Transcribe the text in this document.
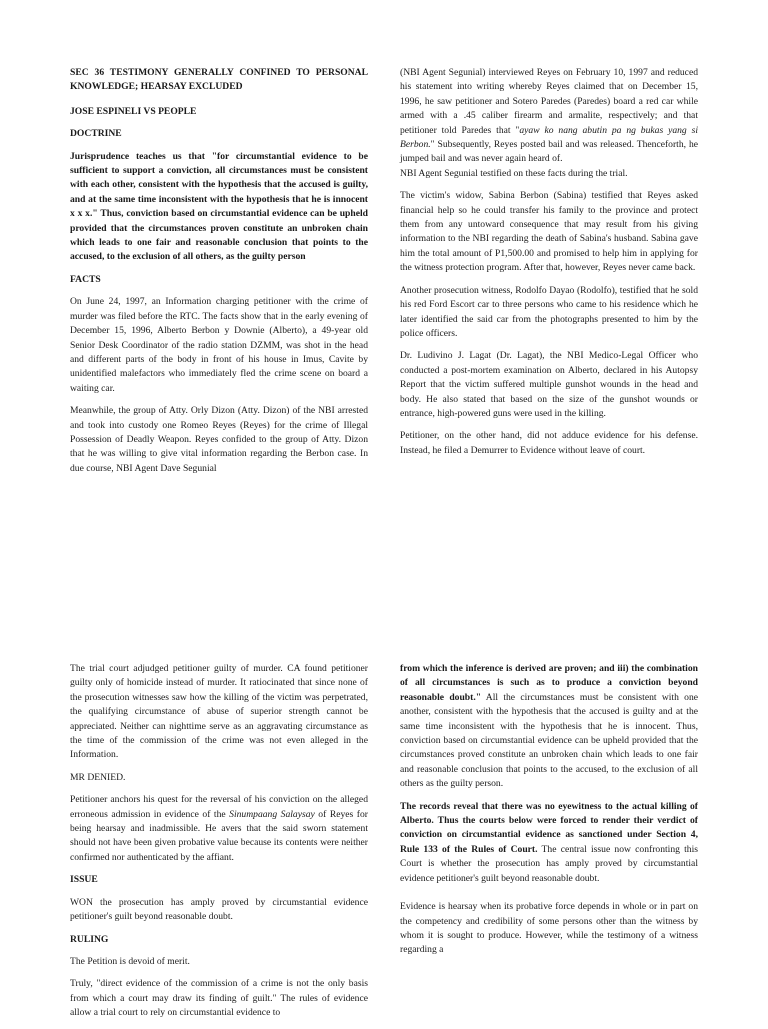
SEC 36 TESTIMONY GENERALLY CONFINED TO PERSONAL KNOWLEDGE; HEARSAY EXCLUDED

JOSE ESPINELI VS PEOPLE

DOCTRINE

Jurisprudence teaches us that "for circumstantial evidence to be sufficient to support a conviction, all circumstances must be consistent with each other, consistent with the hypothesis that the accused is guilty, and at the same time inconsistent with the hypothesis that he is innocent x x x." Thus, conviction based on circumstantial evidence can be upheld provided that the circumstances proven constitute an unbroken chain which leads to one fair and reasonable conclusion that points to the accused, to the exclusion of all others, as the guilty person

FACTS

On June 24, 1997, an Information charging petitioner with the crime of murder was filed before the RTC. The facts show that in the early evening of December 15, 1996, Alberto Berbon y Downie (Alberto), a 49-year old Senior Desk Coordinator of the radio station DZMM, was shot in the head and different parts of the body in front of his house in Imus, Cavite by unidentified malefactors who immediately fled the crime scene on board a waiting car.

Meanwhile, the group of Atty. Orly Dizon (Atty. Dizon) of the NBI arrested and took into custody one Romeo Reyes (Reyes) for the crime of Illegal Possession of Deadly Weapon. Reyes confided to the group of Atty. Dizon that he was willing to give vital information regarding the Berbon case. In due course, NBI Agent Dave Segunial

(NBI Agent Segunial) interviewed Reyes on February 10, 1997 and reduced his statement into writing whereby Reyes claimed that on December 15, 1996, he saw petitioner and Sotero Paredes (Paredes) board a red car while armed with a .45 caliber firearm and armalite, respectively; and that petitioner told Paredes that "ayaw ko nang abutin pa ng bukas yang si Berbon." Subsequently, Reyes posted bail and was released. Thenceforth, he jumped bail and was never again heard of.

NBI Agent Segunial testified on these facts during the trial.

The victim's widow, Sabina Berbon (Sabina) testified that Reyes asked financial help so he could transfer his family to the province and protect them from any untoward consequence that may result from his giving information to the NBI regarding the death of Sabina's husband. Sabina gave him the total amount of P1,500.00 and promised to help him in applying for the witness protection program. After that, however, Reyes never came back.

Another prosecution witness, Rodolfo Dayao (Rodolfo), testified that he sold his red Ford Escort car to three persons who came to his residence which he later identified the said car from the photographs presented to him by the police officers.

Dr. Ludivino J. Lagat (Dr. Lagat), the NBI Medico-Legal Officer who conducted a post-mortem examination on Alberto, declared in his Autopsy Report that the victim suffered multiple gunshot wounds in the head and body. He also stated that based on the size of the gunshot wounds or entrance, high-powered guns were used in the killing.

Petitioner, on the other hand, did not adduce evidence for his defense. Instead, he filed a Demurrer to Evidence without leave of court.

The trial court adjudged petitioner guilty of murder. CA found petitioner guilty only of homicide instead of murder. It ratiocinated that since none of the prosecution witnesses saw how the killing of the victim was perpetrated, the qualifying circumstance of abuse of superior strength cannot be appreciated. Neither can nighttime serve as an aggravating circumstance as the time of the commission of the crime was not even alleged in the Information.

MR DENIED.

Petitioner anchors his quest for the reversal of his conviction on the alleged erroneous admission in evidence of the Sinumpaang Salaysay of Reyes for being hearsay and inadmissible. He avers that the said sworn statement should not have been given probative value because its contents were neither confirmed nor authenticated by the affiant.

ISSUE

WON the prosecution has amply proved by circumstantial evidence petitioner's guilt beyond reasonable doubt.

RULING

The Petition is devoid of merit.

Truly, "direct evidence of the commission of a crime is not the only basis from which a court may draw its finding of guilt." The rules of evidence allow a trial court to rely on circumstantial evidence to

from which the inference is derived are proven; and iii) the combination of all circumstances is such as to produce a conviction beyond reasonable doubt." All the circumstances must be consistent with one another, consistent with the hypothesis that the accused is guilty and at the same time inconsistent with the hypothesis that he is innocent. Thus, conviction based on circumstantial evidence can be upheld provided that the circumstances proved constitute an unbroken chain which leads to one fair and reasonable conclusion that points to the accused, to the exclusion of all others as the guilty person.

The records reveal that there was no eyewitness to the actual killing of Alberto. Thus the courts below were forced to render their verdict of conviction on circumstantial evidence as sanctioned under Section 4, Rule 133 of the Rules of Court. The central issue now confronting this Court is whether the prosecution has amply proved by circumstantial evidence petitioner's guilt beyond reasonable doubt.

Evidence is hearsay when its probative force depends in whole or in part on the competency and credibility of some persons other than the witness by whom it is sought to produce. However, while the testimony of a witness regarding a
